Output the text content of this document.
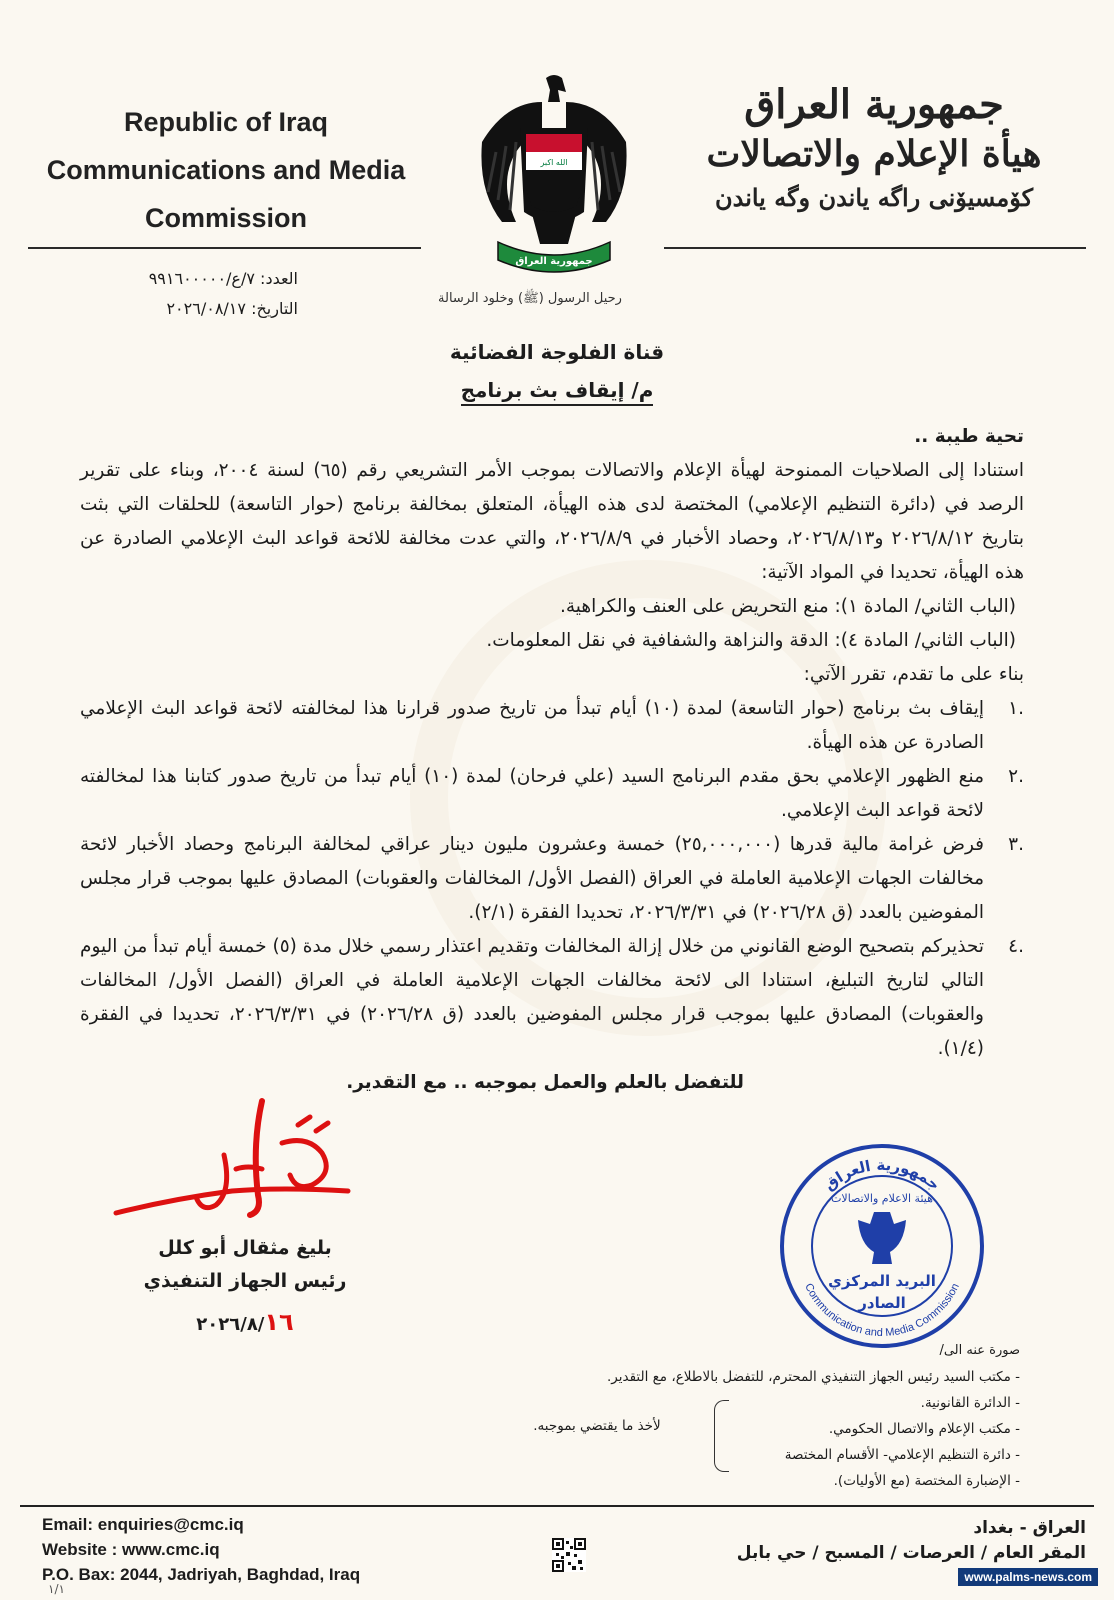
Republic of Iraq
Communications and Media
Commission
جمهورية العراق
هيأة الإعلام والاتصالات
كۆمسیۆنی راگه یاندن وگه یاندن
الله اكبر
جمهورية العراق
العدد: ٧/ع/٩٩١٦٠٠٠٠٠
التاريخ: ٢٠٢٦/٠٨/١٧
رحيل الرسول (ﷺ) وخلود الرسالة
قناة الفلوجة الفضائية
م/ إيقاف بث برنامج

تحية طيبة ..

استنادا إلى الصلاحيات الممنوحة لهيأة الإعلام والاتصالات بموجب الأمر التشريعي رقم (٦٥) لسنة ٢٠٠٤، وبناء على تقرير الرصد في (دائرة التنظيم الإعلامي) المختصة لدى هذه الهيأة، المتعلق بمخالفة برنامج (حوار التاسعة) للحلقات التي بثت بتاريخ ٢٠٢٦/٨/١٢ و٢٠٢٦/٨/١٣، وحصاد الأخبار في ٢٠٢٦/٨/٩، والتي عدت مخالفة للائحة قواعد البث الإعلامي الصادرة عن هذه الهيأة، تحديدا في المواد الآتية:

(الباب الثاني/ المادة ١): منع التحريض على العنف والكراهية.

(الباب الثاني/ المادة ٤): الدقة والنزاهة والشفافية في نقل المعلومات.

بناء على ما تقدم، تقرر الآتي:

.١
إيقاف بث برنامج (حوار التاسعة) لمدة (١٠) أيام تبدأ من تاريخ صدور قرارنا هذا لمخالفته لائحة قواعد البث الإعلامي الصادرة عن هذه الهيأة.
.٢
منع الظهور الإعلامي بحق مقدم البرنامج السيد (علي فرحان) لمدة (١٠) أيام تبدأ من تاريخ صدور كتابنا هذا لمخالفته لائحة قواعد البث الإعلامي.
.٣
فرض غرامة مالية قدرها (٢٥,٠٠٠,٠٠٠) خمسة وعشرون مليون دينار عراقي لمخالفة البرنامج وحصاد الأخبار لائحة مخالفات الجهات الإعلامية العاملة في العراق (الفصل الأول/ المخالفات والعقوبات) المصادق عليها بموجب قرار مجلس المفوضين بالعدد (ق ٢٠٢٦/٢٨) في ٢٠٢٦/٣/٣١، تحديدا الفقرة (٢/١).
.٤
تحذيركم بتصحيح الوضع القانوني من خلال إزالة المخالفات وتقديم اعتذار رسمي خلال مدة (٥) خمسة أيام تبدأ من اليوم التالي لتاريخ التبليغ، استنادا الى لائحة مخالفات الجهات الإعلامية العاملة في العراق (الفصل الأول/ المخالفات والعقوبات) المصادق عليها بموجب قرار مجلس المفوضين بالعدد (ق ٢٠٢٦/٢٨) في ٢٠٢٦/٣/٣١، تحديدا في الفقرة (١/٤).

للتفضل بالعلم والعمل بموجبه .. مع التقدير.

بليغ مثقال أبو كلل
رئيس الجهاز التنفيذي
٢٠٢٦/٨/١٦
جمهورية العراق
Communication and Media Commission
هيئة الاعلام والاتصالات
البريد المركزي
الصادر
صورة عنه الى/
- مكتب السيد رئيس الجهاز التنفيذي المحترم، للتفضل بالاطلاع، مع التقدير.
- الدائرة القانونية.
- مكتب الإعلام والاتصال الحكومي.
- دائرة التنظيم الإعلامي- الأقسام المختصة
- الإضبارة المختصة (مع الأوليات).
لأخذ ما يقتضي بموجبه.
Email: enquiries@cmc.iq
Website : www.cmc.iq
P.O. Bax: 2044, Jadriyah, Baghdad, Iraq
العراق - بغداد
المقر العام / العرصات / المسبح / حي بابل
١/١
www.palms-news.com
